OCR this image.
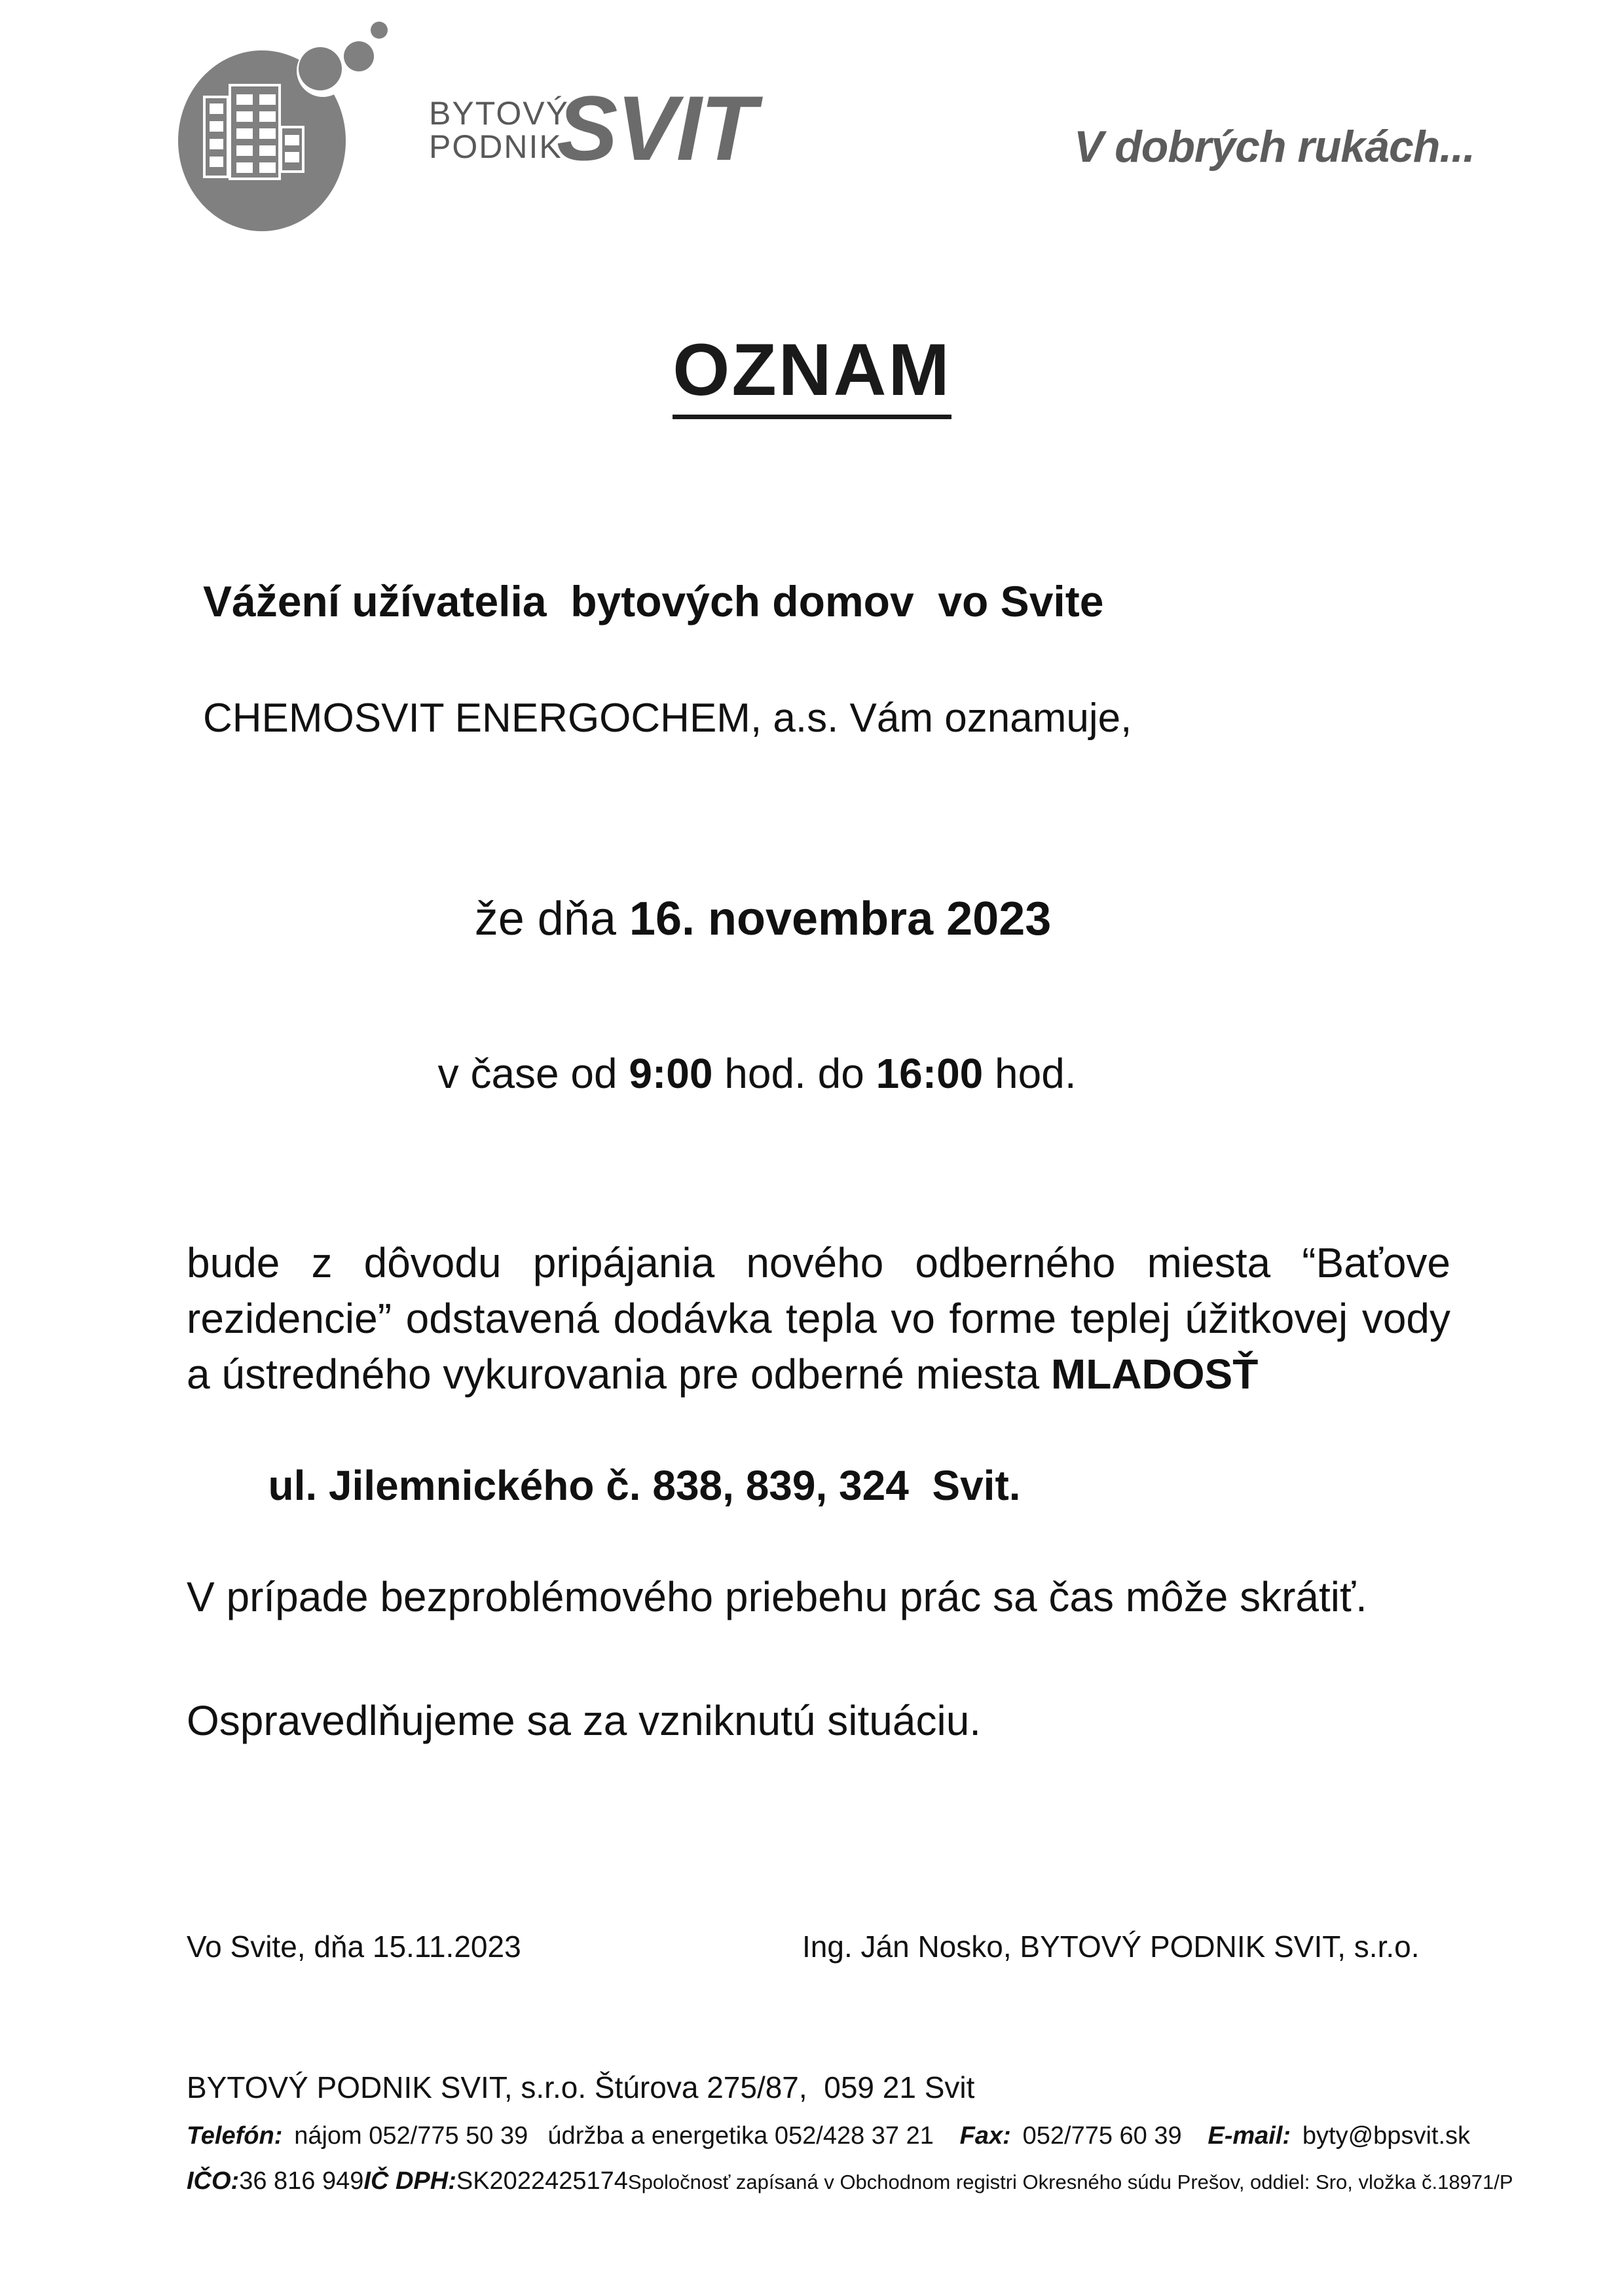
BYTOVÝ
PODNIK
SVIT	V dobrých rukách...
OZNAM
Vážení užívatelia  bytových domov  vo Svite
CHEMOSVIT ENERGOCHEM, a.s. Vám oznamuje,

že dňa 16. novembra 2023

v čase od 9:00 hod. do 16:00 hod.

bude z dôvodu pripájania nového odberného miesta “Baťove rezidencie” odstavená dodávka tepla vo forme teplej úžitkovej vody a ústredného vykurovania pre odberné miesta MLADOSŤ

ul. Jilemnického č. 838, 839, 324  Svit.

V prípade bezproblémového priebehu prác sa čas môže skrátiť.
Ospravedlňujeme sa za vzniknutú situáciu.
Vo Svite, dňa 15.11.2023	Ing. Ján Nosko, BYTOVÝ PODNIK SVIT, s.r.o.
BYTOVÝ PODNIK SVIT, s.r.o. Štúrova 275/87,  059 21 Svit
Telefón: nájom 052/775 50 39 údržba a energetika 052/428 37 21 Fax: 052/775 60 39 E-mail: byty@bpsvit.sk
IČO: 36 816 949 IČ DPH: SK2022425174 Spoločnosť zapísaná v Obchodnom registri Okresného súdu Prešov, oddiel: Sro, vložka č.18971/P
